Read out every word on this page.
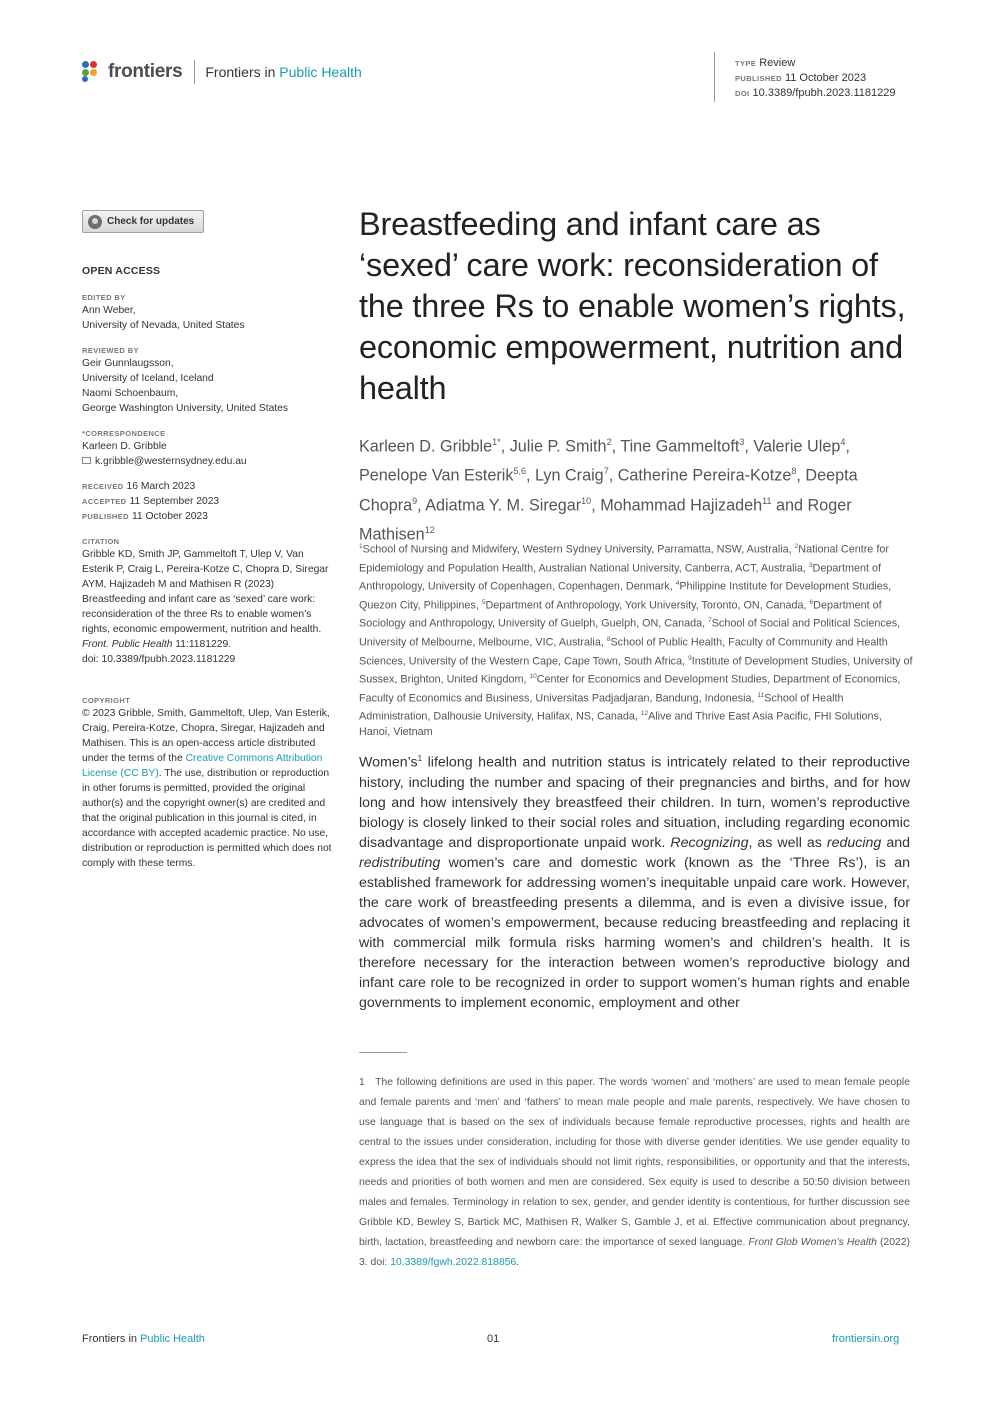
frontiers Frontiers in Public Health
TYPE Review
PUBLISHED 11 October 2023
DOI 10.3389/fpubh.2023.1181229
Check for updates
OPEN ACCESS
EDITED BY
Ann Weber,
University of Nevada, United States
REVIEWED BY
Geir Gunnlaugsson,
University of Iceland, Iceland
Naomi Schoenbaum,
George Washington University, United States
*CORRESPONDENCE
Karleen D. Gribble
k.gribble@westernsydney.edu.au
RECEIVED 16 March 2023
ACCEPTED 11 September 2023
PUBLISHED 11 October 2023
CITATION
Gribble KD, Smith JP, Gammeltoft T, Ulep V, Van Esterik P, Craig L, Pereira-Kotze C, Chopra D, Siregar AYM, Hajizadeh M and Mathisen R (2023) Breastfeeding and infant care as ‘sexed’ care work: reconsideration of the three Rs to enable women’s rights, economic empowerment, nutrition and health. Front. Public Health 11:1181229.
doi: 10.3389/fpubh.2023.1181229
COPYRIGHT
© 2023 Gribble, Smith, Gammeltoft, Ulep, Van Esterik, Craig, Pereira-Kotze, Chopra, Siregar, Hajizadeh and Mathisen. This is an open-access article distributed under the terms of the Creative Commons Attribution License (CC BY). The use, distribution or reproduction in other forums is permitted, provided the original author(s) and the copyright owner(s) are credited and that the original publication in this journal is cited, in accordance with accepted academic practice. No use, distribution or reproduction is permitted which does not comply with these terms.
Breastfeeding and infant care as ‘sexed’ care work: reconsideration of the three Rs to enable women’s rights, economic empowerment, nutrition and health
Karleen D. Gribble$^{1*}$, Julie P. Smith$^2$, Tine Gammeltoft$^3$, Valerie Ulep$^4$, Penelope Van Esterik$^{5,6}$, Lyn Craig$^7$, Catherine Pereira-Kotze$^8$, Deepta Chopra$^9$, Adiatma Y. M. Siregar$^{10}$, Mohammad Hajizadeh$^{11}$ and Roger Mathisen$^{12}$
$^1$School of Nursing and Midwifery, Western Sydney University, Parramatta, NSW, Australia, $^2$National Centre for Epidemiology and Population Health, Australian National University, Canberra, ACT, Australia, $^3$Department of Anthropology, University of Copenhagen, Copenhagen, Denmark, $^4$Philippine Institute for Development Studies, Quezon City, Philippines, $^5$Department of Anthropology, York University, Toronto, ON, Canada, $^6$Department of Sociology and Anthropology, University of Guelph, Guelph, ON, Canada, $^7$School of Social and Political Sciences, University of Melbourne, Melbourne, VIC, Australia, $^8$School of Public Health, Faculty of Community and Health Sciences, University of the Western Cape, Cape Town, South Africa, $^9$Institute of Development Studies, University of Sussex, Brighton, United Kingdom, $^{10}$Center for Economics and Development Studies, Department of Economics, Faculty of Economics and Business, Universitas Padjadjaran, Bandung, Indonesia, $^{11}$School of Health Administration, Dalhousie University, Halifax, NS, Canada, $^{12}$Alive and Thrive East Asia Pacific, FHI Solutions, Hanoi, Vietnam
$Women’s^1$ lifelong health and nutrition status is intricately related to their reproductive history, including the number and spacing of their pregnancies and births, and for how long and how intensively they breastfeed their children. In turn, women’s reproductive biology is closely linked to their social roles and situation, including regarding economic disadvantage and disproportionate unpaid work. Recognizing, as well as reducing and redistributing women’s care and domestic work (known as the ‘Three Rs’), is an established framework for addressing women’s inequitable unpaid care work. However, the care work of breastfeeding presents a dilemma, and is even a divisive issue, for advocates of women’s empowerment, because reducing breastfeeding and replacing it with commercial milk formula risks harming women’s and children’s health. It is therefore necessary for the interaction between women’s reproductive biology and infant care role to be recognized in order to support women’s human rights and enable governments to implement economic, employment and other
1 The following definitions are used in this paper. The words ‘women’ and ‘mothers’ are used to mean female people and female parents and ‘men’ and ‘fathers’ to mean male people and male parents, respectively. We have chosen to use language that is based on the sex of individuals because female reproductive processes, rights and health are central to the issues under consideration, including for those with diverse gender identities. We use gender equality to express the idea that the sex of individuals should not limit rights, responsibilities, or opportunity and that the interests, needs and priorities of both women and men are considered. Sex equity is used to describe a 50:50 division between males and females. Terminology in relation to sex, gender, and gender identity is contentious, for further discussion see Gribble KD, Bewley S, Bartick MC, Mathisen R, Walker S, Gamble J, et al. Effective communication about pregnancy, birth, lactation, breastfeeding and newborn care: the importance of sexed language. Front Glob Women’s Health (2022) 3. doi: 10.3389/fgwh.2022.818856.
Frontiers in Public Health	01	frontiersin.org
